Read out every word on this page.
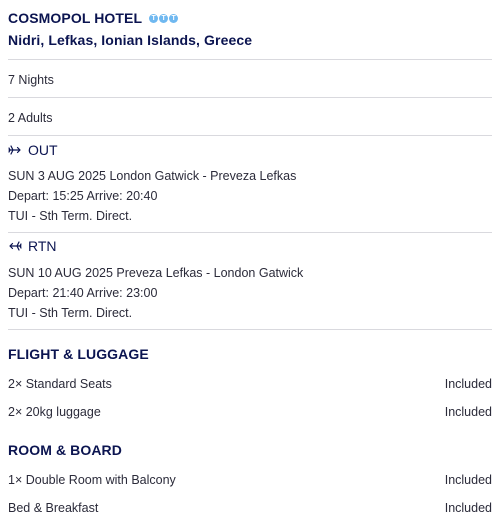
COSMOPOL HOTEL	T T T
Nidri, Lefkas, Ionian Islands, Greece
7 Nights
2 Adults
OUT
SUN 3 AUG 2025 London Gatwick - Preveza Lefkas
Depart: 15:25 Arrive: 20:40
TUI - Sth Term. Direct.
RTN
SUN 10 AUG 2025 Preveza Lefkas - London Gatwick
Depart: 21:40 Arrive: 23:00
TUI - Sth Term. Direct.
FLIGHT & LUGGAGE
2× Standard Seats	Included
2× 20kg luggage	Included
ROOM & BOARD
1× Double Room with Balcony	Included
Bed & Breakfast	Included
